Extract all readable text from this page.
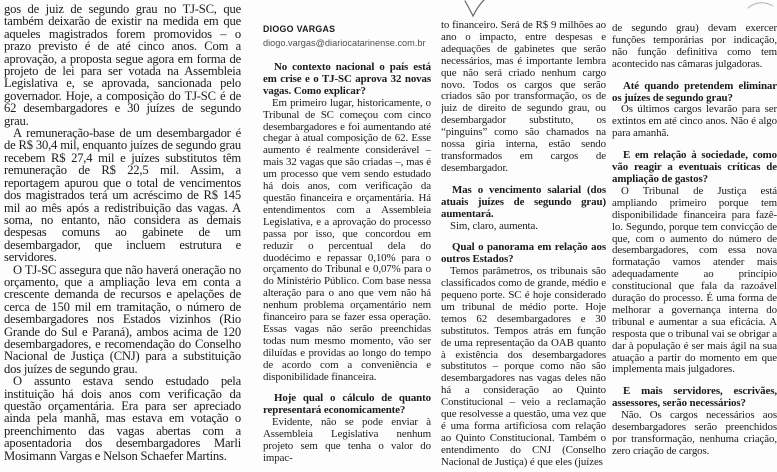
gos de juiz de segundo grau no TJ-SC, que também deixarão de existir na medida em que aqueles magistrados forem promovidos – o prazo previsto é de até cinco anos. Com a aprovação, a proposta segue agora em forma de projeto de lei para ser votada na Assembleia Legislativa e, se aprovada, sancionada pelo governador. Hoje, a composição do TJ-SC é de 62 desembargadores e 30 juízes de segundo grau.

A remuneração-base de um desembargador é de R$ 30,4 mil, enquanto juízes de segundo grau recebem R$ 27,4 mil e juízes substitutos têm remuneração de R$ 22,5 mil. Assim, a reportagem apurou que o total de vencimentos dos magistrados terá um acréscimo de R$ 145 mil ao mês após a redistribuição das vagas. A soma, no entanto, não considera as demais despesas comuns ao gabinete de um desembargador, que incluem estrutura e servidores.

O TJ-SC assegura que não haverá oneração no orçamento, que a ampliação leva em conta a crescente demanda de recursos e apelações de cerca de 150 mil em tramitação, o número de desembargadores nos Estados vizinhos (Rio Grande do Sul e Paraná), ambos acima de 120 desembargadores, e recomendação do Conselho Nacional de Justiça (CNJ) para a substituição dos juízes de segundo grau.

O assunto estava sendo estudado pela instituição há dois anos com verificação da questão orçamentária. Era para ser apreciado ainda pela manhã, mas estava em votação o preenchimento das vagas abertas com a aposentadoria dos desembargadores Marli Mosimann Vargas e Nelson Schaefer Martins.

DIOGO VARGAS

diogo.vargas@diariocatarinense.com.br

No contexto nacional o país está em crise e o TJ-SC aprova 32 novas vagas. Como explicar?

Em primeiro lugar, historicamente, o Tribunal de SC começou com cinco desembargadores e foi aumentando até chegar à atual composição de 62. Esse aumento é realmente considerável – mais 32 vagas que são criadas –, mas é um processo que vem sendo estudado há dois anos, com verificação da questão financeira e orçamentária. Há entendimentos com a Assembleia Legislativa, e a aprovação do processo passa por isso, que concordou em reduzir o percentual dela do duodécimo e repassar 0,10% para o orçamento do Tribunal e 0,07% para o do Ministério Público. Com base nessa alteração para o ano que vem não há nenhum problema orçamentário nem financeiro para se fazer essa operação. Essas vagas não serão preenchidas todas num mesmo momento, vão ser diluídas e providas ao longo do tempo de acordo com a conveniência e disponibilidade financeira.

Hoje qual o cálculo de quanto representará economicamente?

Evidente, não se pode enviar à Assembleia Legislativa nenhum projeto sem que tenha o valor do impac-

to financeiro. Será de R$ 9 milhões ao ano o impacto, entre despesas e adequações de gabinetes que serão necessários, mas é importante lembra que não será criado nenhum cargo novo. Todos os cargos que serão criados são por transformação, os de juiz de direito de segundo grau, ou desembargador substituto, os “pinguins” como são chamados na nossa gíria interna, estão sendo transformados em cargos de desembargador.

Mas o vencimento salarial (dos atuais juízes de segundo grau) aumentará.

Sim, claro, aumenta.

Qual o panorama em relação aos outros Estados?

Temos parâmetros, os tribunais são classificados como de grande, médio e pequeno porte. SC é hoje considerado um tribunal de médio porte. Hoje temos 62 desembargadores e 30 substitutos. Tempos atrás em função de uma representação da OAB quanto à existência dos desembargadores substitutos – porque como não são desembargadores nas vagas deles não há a consideração ao Quinto Constitucional – veio a reclamação que resolvesse a questão, uma vez que é uma forma artificiosa com relação ao Quinto Constitucional. Também o entendimento do CNJ (Conselho Nacional de Justiça) é que eles (juízes

de segundo grau) devam exercer funções temporárias por indicação, não função definitiva como tem acontecido nas câmaras julgadoras.

Até quando pretendem eliminar os juízes de segundo grau?

Os últimos cargos levarão para ser extintos em até cinco anos. Não é algo para amanhã.

E em relação à sociedade, como vão reagir a eventuais críticas de ampliação de gastos?

O Tribunal de Justiça está ampliando primeiro porque tem disponibilidade financeira para fazê-lo. Segundo, porque tem convicção de que, com o aumento do número de desembargadores, com essa nova formatação vamos atender mais adequadamente ao princípio constitucional que fala da razoável duração do processo. É uma forma de melhorar a governança interna do tribunal e aumentar a sua eficácia. A resposta que o tribunal vai se obrigar a dar à população é ser mais ágil na sua atuação a partir do momento em que implementa mais julgadores.

E mais servidores, escrivães, assessores, serão necessários?

Não. Os cargos necessários aos desembargadores serão preenchidos por transformação, nenhuma criação, zero criação de cargos.
